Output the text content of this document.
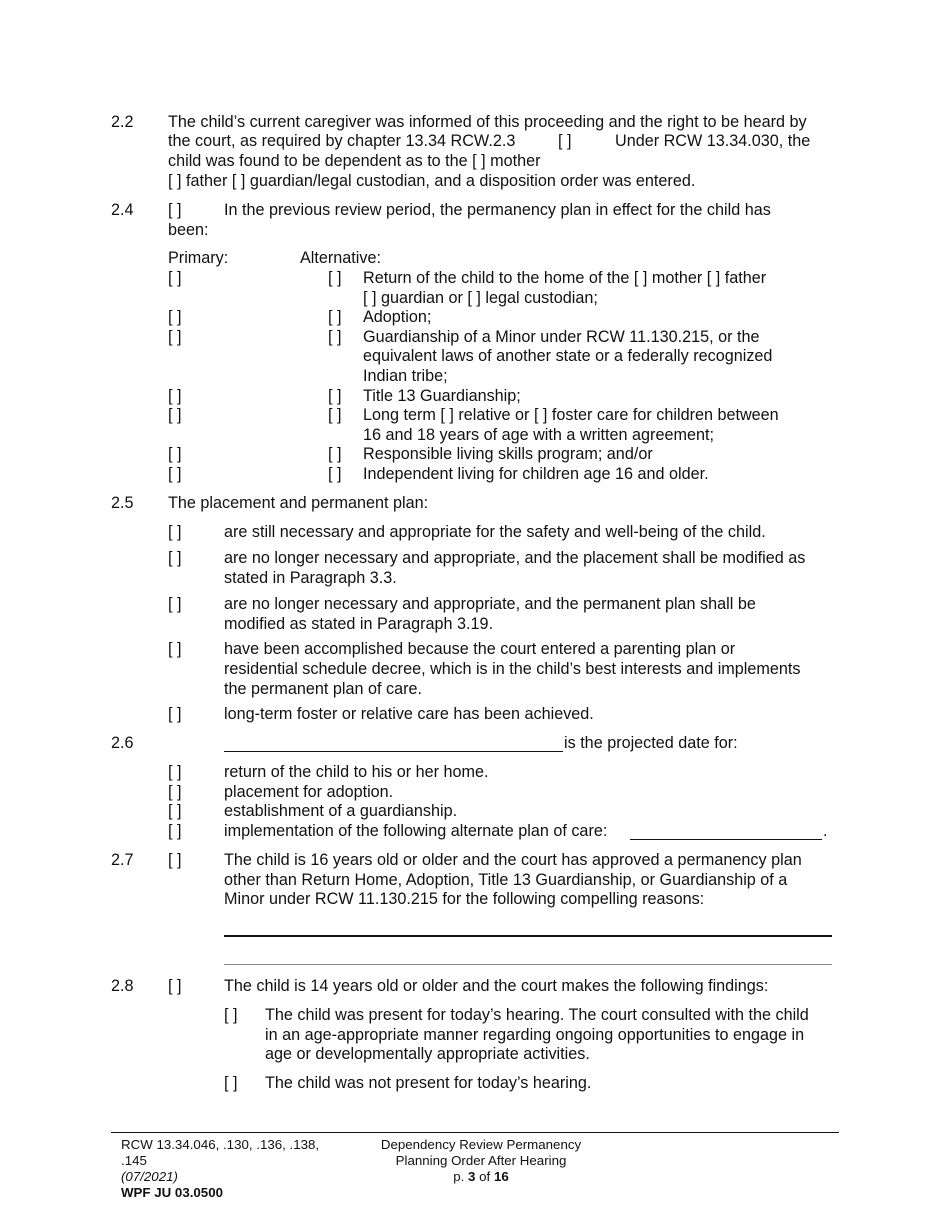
2.2 The child’s current caregiver was informed of this proceeding and the right to be heard by
the court, as required by chapter 13.34 RCW.2.3	[ ]	Under RCW 13.34.030, the
child was found to be dependent as to the [ ] mother
[ ] father [ ] guardian/legal custodian, and a disposition order was entered.
2.4 [ ]	In the previous review period, the permanency plan in effect for the child has
been:
Primary:	Alternative:
[ ]	[ ] Return of the child to the home of the [ ] mother [ ] father
[ ] guardian or [ ] legal custodian;
[ ]	[ ] Adoption;
[ ]	[ ] Guardianship of a Minor under RCW 11.130.215, or the
equivalent laws of another state or a federally recognized
Indian tribe;
[ ]	[ ] Title 13 Guardianship;
[ ]	[ ] Long term [ ] relative or [ ] foster care for children between
16 and 18 years of age with a written agreement;
[ ]	[ ] Responsible living skills program; and/or
[ ]	[ ] Independent living for children age 16 and older.
2.5 The placement and permanent plan:
[ ]	are still necessary and appropriate for the safety and well-being of the child.
[ ]	are no longer necessary and appropriate, and the placement shall be modified as
stated in Paragraph 3.3.
[ ]	are no longer necessary and appropriate, and the permanent plan shall be
modified as stated in Paragraph 3.19.
[ ]	have been accomplished because the court entered a parenting plan or
residential schedule decree, which is in the child’s best interests and implements
the permanent plan of care.
[ ]	long-term foster or relative care has been achieved.
2.6	is the projected date for:
[ ]	return of the child to his or her home.
[ ]	placement for adoption.
[ ]	establishment of a guardianship.
[ ]	implementation of the following alternate plan of care:	.
2.7 [ ]	The child is 16 years old or older and the court has approved a permanency plan
other than Return Home, Adoption, Title 13 Guardianship, or Guardianship of a
Minor under RCW 11.130.215 for the following compelling reasons:
2.8 [ ]	The child is 14 years old or older and the court makes the following findings:
[ ] The child was present for today’s hearing. The court consulted with the child
in an age-appropriate manner regarding ongoing opportunities to engage in
age or developmentally appropriate activities.
[ ] The child was not present for today’s hearing.
RCW 13.34.046, .130, .136, .138,
.145
(07/2021)
WPF JU 03.0500
Dependency Review Permanency
Planning Order After Hearing
p. 3 of 16
